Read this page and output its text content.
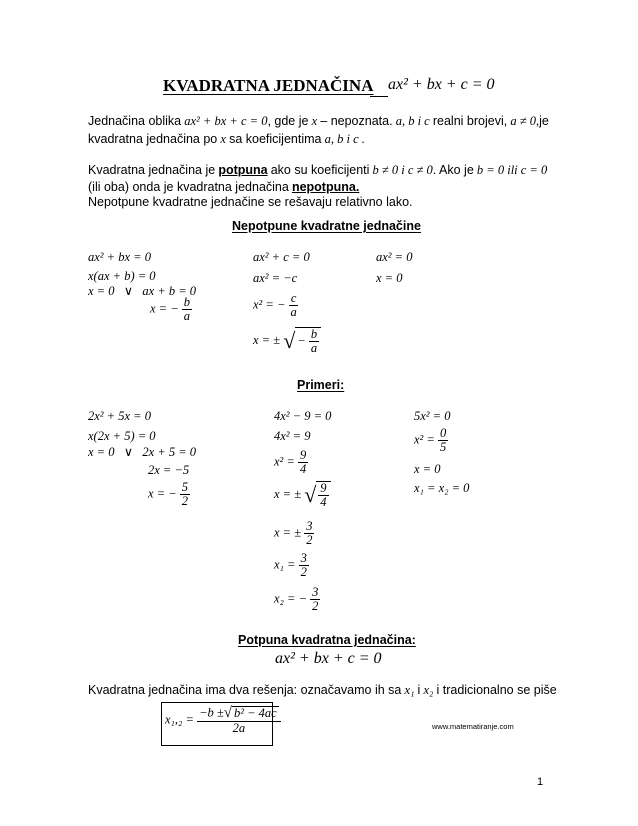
KVADRATNA JEDNAČINA ax² + bx + c = 0
Jednačina oblika ax² + bx + c = 0, gde je x – nepoznata. a, b i c realni brojevi, a ≠ 0,je
kvadratna jednačina po x sa koeficijentima a, b i c .
Kvadratna jednačina je potpuna ako su koeficijenti b ≠ 0 i c ≠ 0. Ako je b = 0 ili c = 0
(ili oba) onda je kvadratna jednačina nepotpuna.
Nepotpune kvadratne jednačine se rešavaju relativno lako.
Nepotpune kvadratne jednačine
ax² + bx = 0
x(ax + b) = 0
x = 0 ∨ ax + b = 0
x = − $\frac{b}{a}$
ax² + c = 0
ax² = −c
x² = − $\frac{c}{a}$
x = ± √ − $\frac{b}{a}$
ax² = 0
x = 0
Primeri:
2x² + 5x = 0
x(2x + 5) = 0
x = 0 ∨ 2x + 5 = 0
2x = −5
x = − $\frac{5}{2}$
4x² − 9 = 0
4x² = 9
$x^2 = \frac{9}{4}$
x = ± √ $\frac{9}{4}$
x = ± $\frac{3}{2}$
$x_1 = \frac{3}{2}$
x₂ = − $\frac{3}{2}$
5x² = 0
$x^2 = \frac{0}{5}$
x = 0
x₁ = x₂ = 0
Potpuna kvadratna jednačina:
ax² + bx + c = 0
Kvadratna jednačina ima dva rešenja: označavamo ih sa x₁ i x₂ i tradicionalno se piše
$x_1,_2 = \frac{\text{−b ± √ b² − 4ac}}{2a}$	www.matematiranje.com
1
